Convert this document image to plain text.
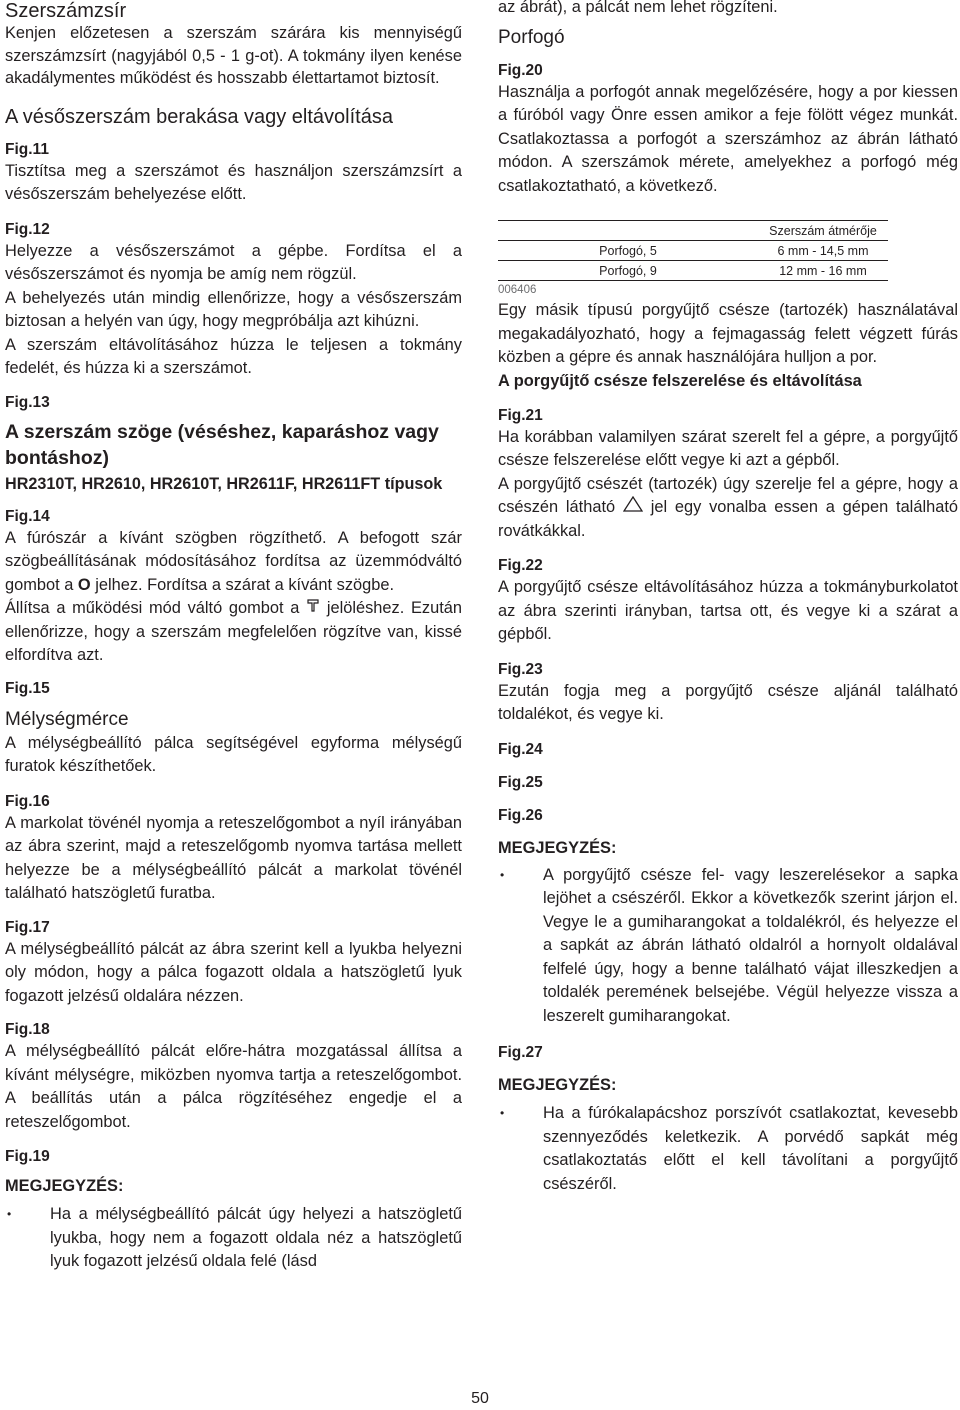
Szerszámzsír

Kenjen előzetesen a szerszám szárára kis mennyiségű szerszámzsírt (nagyjából 0,5 - 1 g-ot). A tokmány ilyen kenése akadálymentes működést és hosszabb élettartamot biztosít.

A vésőszerszám berakása vagy eltávolítása
Fig.11

Tisztítsa meg a szerszámot és használjon szerszámzsírt a vésőszerszám behelyezése előtt.

Fig.12

Helyezze a vésőszerszámot a gépbe. Fordítsa el a vésőszerszámot és nyomja be amíg nem rögzül.

A behelyezés után mindig ellenőrizze, hogy a vésőszerszám biztosan a helyén van úgy, hogy megpróbálja azt kihúzni.

A szerszám eltávolításához húzza le teljesen a tokmány fedelét, és húzza ki a szerszámot.

Fig.13
A szerszám szöge (véséshez, kaparáshoz vagy bontáshoz)
HR2310T, HR2610, HR2610T, HR2611F, HR2611FT típusok
Fig.14

A fúrószár a kívánt szögben rögzíthető. A befogott szár szögbeállításának módosításához fordítsa az üzemmódváltó gombot a O jelhez. Fordítsa a szárat a kívánt szögbe.

Állítsa a működési mód váltó gombot a jelöléshez. Ezután ellenőrizze, hogy a szerszám megfelelően rögzítve van, kissé elfordítva azt.

Fig.15
Mélységmérce

A mélységbeállító pálca segítségével egyforma mélységű furatok készíthetőek.

Fig.16

A markolat tövénél nyomja a reteszelőgombot a nyíl irányában az ábra szerint, majd a reteszelőgomb nyomva tartása mellett helyezze be a mélységbeállító pálcát a markolat tövénél található hatszögletű furatba.

Fig.17

A mélységbeállító pálcát az ábra szerint kell a lyukba helyezni oly módon, hogy a pálca fogazott oldala a hatszögletű lyuk fogazott jelzésű oldalára nézzen.

Fig.18

A mélységbeállító pálcát előre-hátra mozgatással állítsa a kívánt mélységre, miközben nyomva tartja a reteszelőgombot. A beállítás után a pálca rögzítéséhez engedje el a reteszelőgombot.

Fig.19
MEGJEGYZÉS:
• Ha a mélységbeállító pálcát úgy helyezi a hatszögletű lyukba, hogy nem a fogazott oldala néz a hatszögletű lyuk fogazott jelzésű oldala felé (lásd

az ábrát), a pálcát nem lehet rögzíteni.

Porfogó
Fig.20

Használja a porfogót annak megelőzésére, hogy a por kiessen a fúróból vagy Önre essen amikor a feje fölött végez munkát. Csatlakoztassa a porfogót a szerszámhoz az ábrán látható módon. A szerszámok mérete, amelyekhez a porfogó még csatlakoztatható, a következő.

	Szerszám átmérője
Porfogó, 5	6 mm - 14,5 mm
Porfogó, 9	12 mm - 16 mm
006406

Egy másik típusú porgyűjtő csésze (tartozék) használatával megakadályozható, hogy a fejmagasság felett végzett fúrás közben a gépre és annak használójára hulljon a por.

A porgyűjtő csésze felszerelése és eltávolítása
Fig.21

Ha korábban valamilyen szárat szerelt fel a gépre, a porgyűjtő csésze felszerelése előtt vegye ki azt a gépből.

A porgyűjtő csészét (tartozék) úgy szerelje fel a gépre, hogy a csészén látható jel egy vonalba essen a gépen található rovátkákkal.

Fig.22

A porgyűjtő csésze eltávolításához húzza a tokmányburkolatot az ábra szerinti irányban, tartsa ott, és vegye ki a szárat a gépből.

Fig.23

Ezután fogja meg a porgyűjtő csésze aljánál található toldalékot, és vegye ki.

Fig.24
Fig.25
Fig.26
MEGJEGYZÉS:
• A porgyűjtő csésze fel- vagy leszerelésekor a sapka lejöhet a csészéről. Ekkor a következők szerint járjon el. Vegye le a gumiharangokat a toldalékról, és helyezze el a sapkát az ábrán látható oldalról a hornyolt oldalával felfelé úgy, hogy a benne található vájat illeszkedjen a toldalék peremének belsejébe. Végül helyezze vissza a leszerelt gumiharangokat.
Fig.27
MEGJEGYZÉS:
• Ha a fúrókalapácshoz porszívót csatlakoztat, kevesebb szennyeződés keletkezik. A porvédő sapkát még csatlakoztatás előtt el kell távolítani a porgyűjtő csészéről.
50
